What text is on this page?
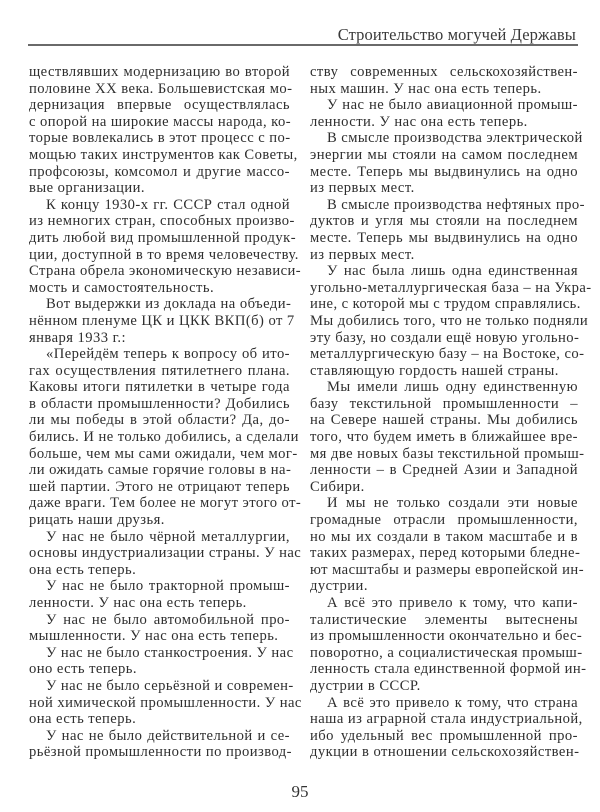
Строительство могучей Державы
ществлявших модернизацию во второй
половине XX века. Большевистская мо-
дернизация впервые осуществлялась
с опорой на широкие массы народа, ко-
торые вовлекались в этот процесс с по-
мощью таких инструментов как Советы,
профсоюзы, комсомол и другие массо-
вые организации.
К концу 1930-х гг. СССР стал одной
из немногих стран, способных произво-
дить любой вид промышленной продук-
ции, доступной в то время человечеству.
Страна обрела экономическую независи-
мость и самостоятельность.
Вот выдержки из доклада на объеди-
нённом пленуме ЦК и ЦКК ВКП(б) от 7
января 1933 г.:
«Перейдём теперь к вопросу об ито-
гах осуществления пятилетнего плана.
Каковы итоги пятилетки в четыре года
в области промышленности? Добились
ли мы победы в этой области? Да, до-
бились. И не только добились, а сделали
больше, чем мы сами ожидали, чем мог-
ли ожидать самые горячие головы в на-
шей партии. Этого не отрицают теперь
даже враги. Тем более не могут этого от-
рицать наши друзья.
У нас не было чёрной металлургии,
основы индустриализации страны. У нас
она есть теперь.
У нас не было тракторной промыш-
ленности. У нас она есть теперь.
У нас не было автомобильной про-
мышленности. У нас она есть теперь.
У нас не было станкостроения. У нас
оно есть теперь.
У нас не было серьёзной и современ-
ной химической промышленности. У нас
она есть теперь.
У нас не было действительной и се-
рьёзной промышленности по производ-
ству современных сельскохозяйствен-
ных машин. У нас она есть теперь.
У нас не было авиационной промыш-
ленности. У нас она есть теперь.
В смысле производства электрической
энергии мы стояли на самом последнем
месте. Теперь мы выдвинулись на одно
из первых мест.
В смысле производства нефтяных про-
дуктов и угля мы стояли на последнем
месте. Теперь мы выдвинулись на одно
из первых мест.
У нас была лишь одна единственная
угольно-металлургическая база – на Укра-
ине, с которой мы с трудом справлялись.
Мы добились того, что не только подняли
эту базу, но создали ещё новую угольно-
металлургическую базу – на Востоке, со-
ставляющую гордость нашей страны.
Мы имели лишь одну единственную
базу текстильной промышленности –
на Севере нашей страны. Мы добились
того, что будем иметь в ближайшее вре-
мя две новых базы текстильной промыш-
ленности – в Средней Азии и Западной
Сибири.
И мы не только создали эти новые
громадные отрасли промышленности,
но мы их создали в таком масштабе и в
таких размерах, перед которыми бледне-
ют масштабы и размеры европейской ин-
дустрии.
А всё это привело к тому, что капи-
талистические элементы вытеснены
из промышленности окончательно и бес-
поворотно, а социалистическая промыш-
ленность стала единственной формой ин-
дустрии в СССР.
А всё это привело к тому, что страна
наша из аграрной стала индустриальной,
ибо удельный вес промышленной про-
дукции в отношении сельскохозяйствен-
95
